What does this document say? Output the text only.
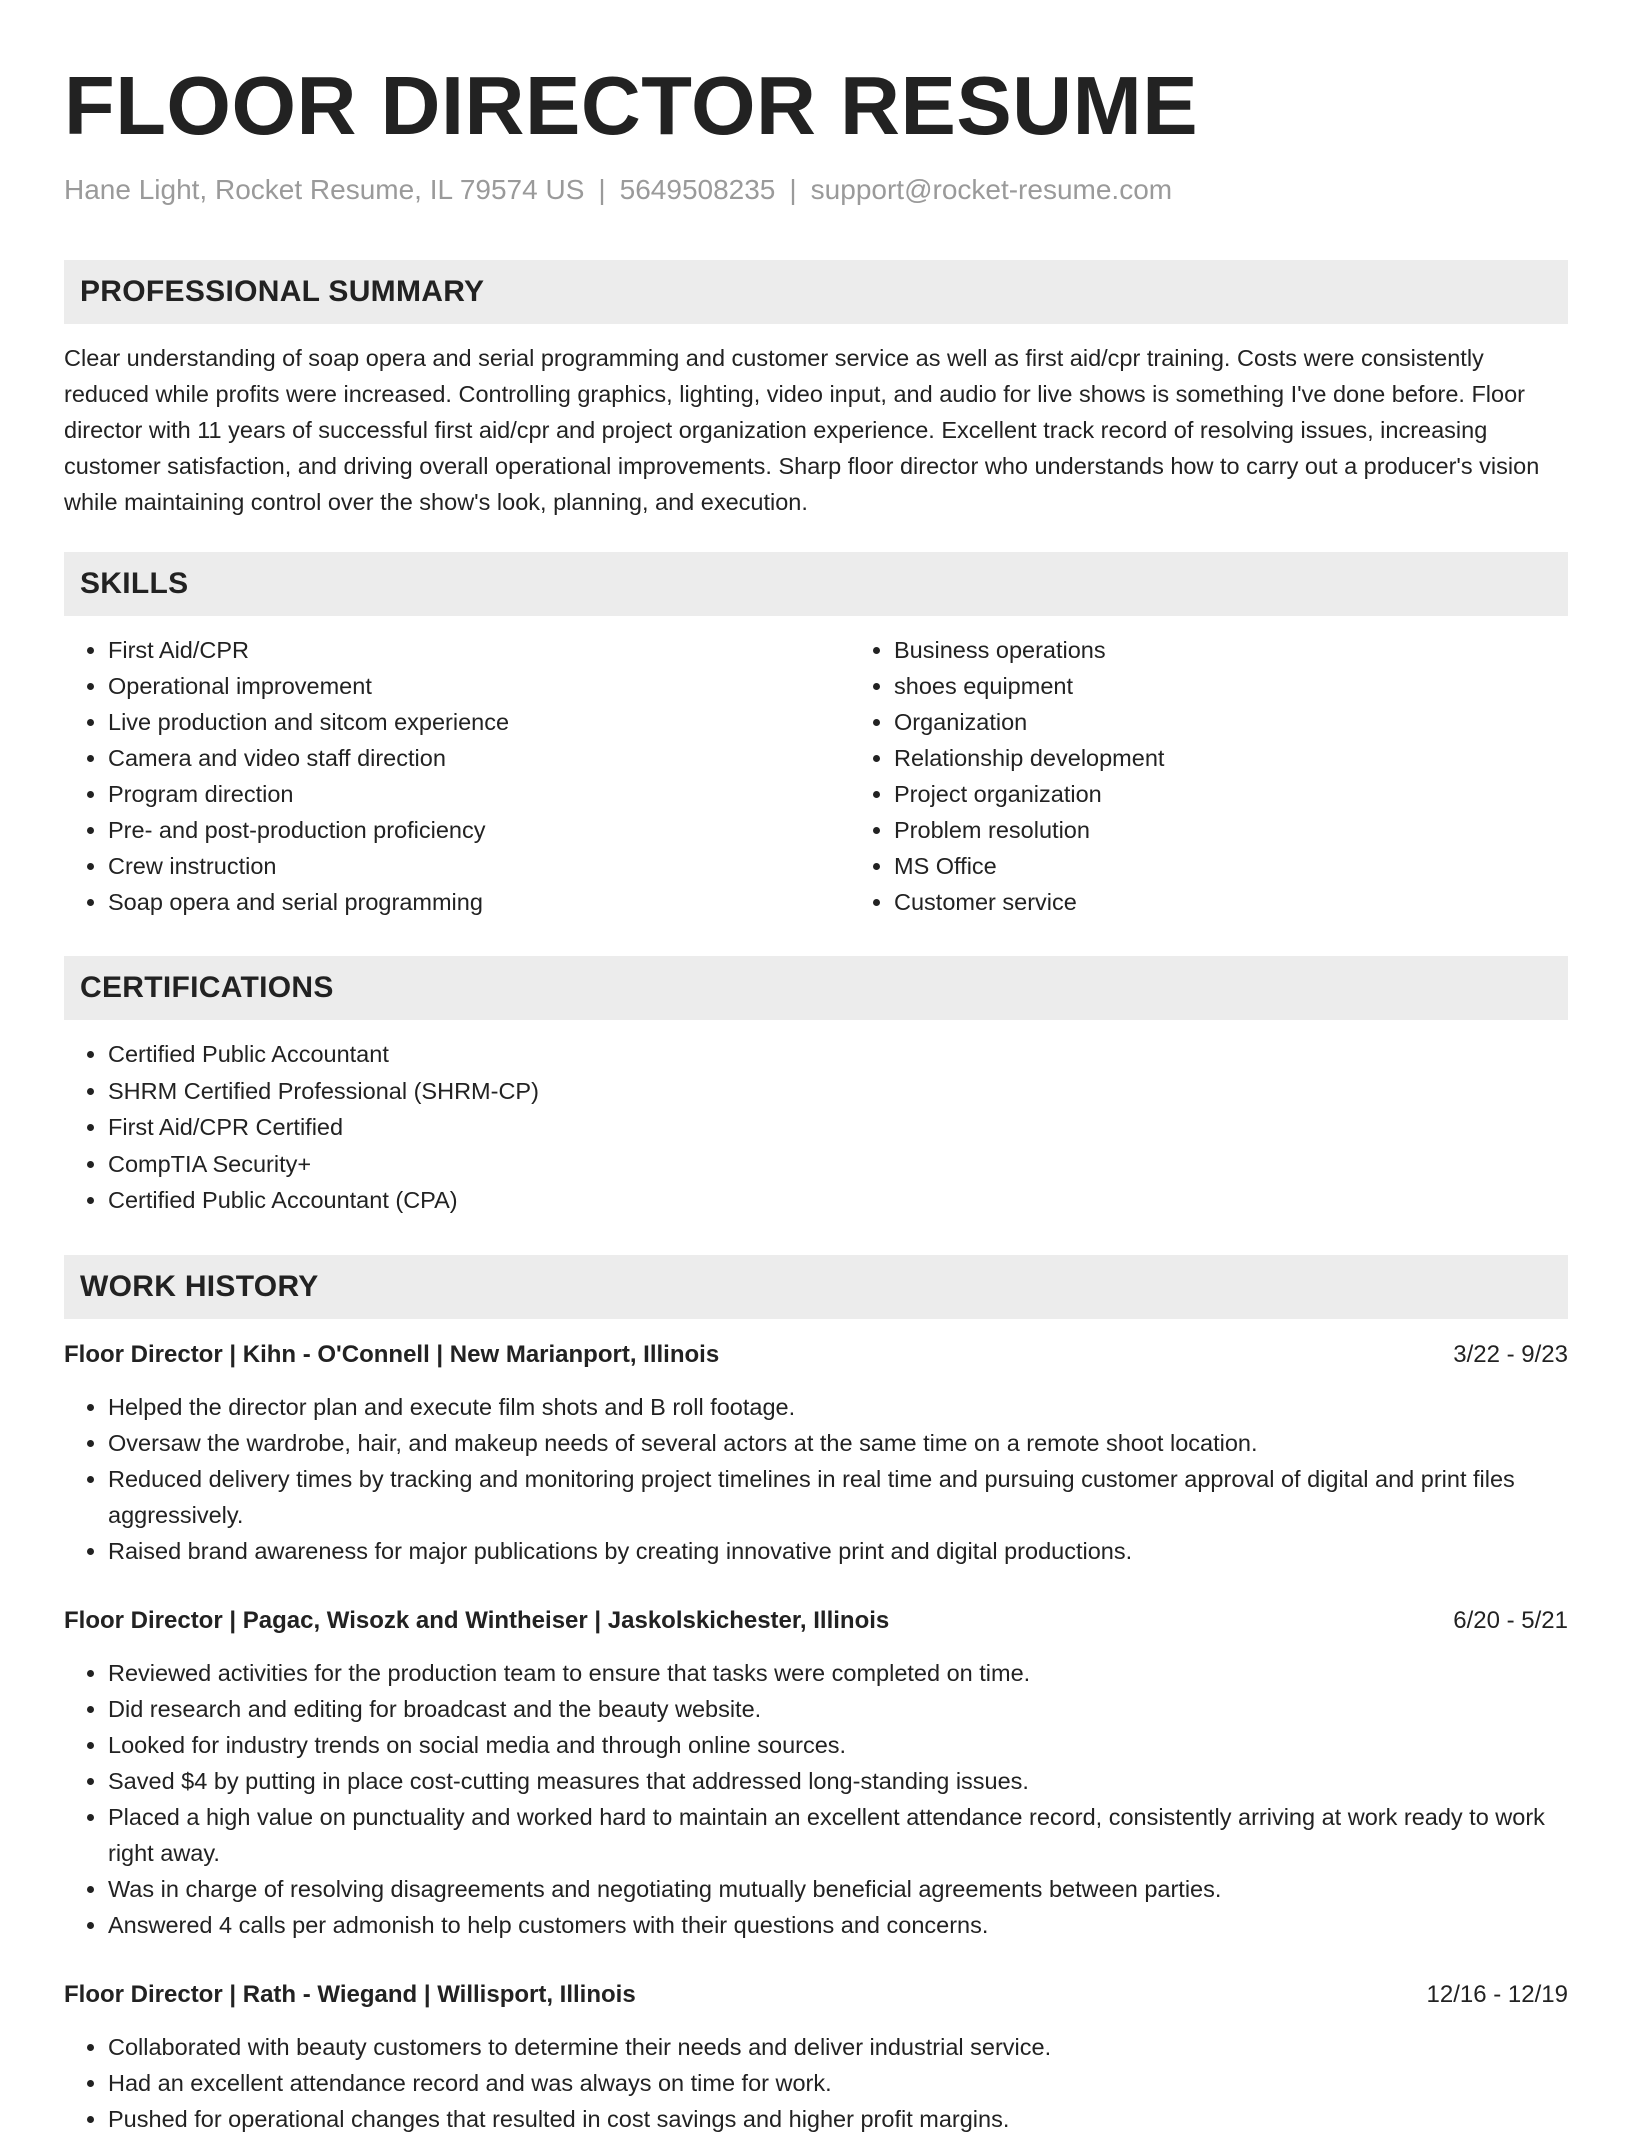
FLOOR DIRECTOR RESUME
Hane Light, Rocket Resume, IL 79574 US | 5649508235 | support@rocket-resume.com
PROFESSIONAL SUMMARY

Clear understanding of soap opera and serial programming and customer service as well as first aid/cpr training. Costs were consistently reduced while profits were increased. Controlling graphics, lighting, video input, and audio for live shows is something I've done before. Floor director with 11 years of successful first aid/cpr and project organization experience. Excellent track record of resolving issues, increasing customer satisfaction, and driving overall operational improvements. Sharp floor director who understands how to carry out a producer's vision while maintaining control over the show's look, planning, and execution.

SKILLS
• First Aid/CPR
• Operational improvement
• Live production and sitcom experience
• Camera and video staff direction
• Program direction
• Pre- and post-production proficiency
• Crew instruction
• Soap opera and serial programming
• Business operations
• shoes equipment
• Organization
• Relationship development
• Project organization
• Problem resolution
• MS Office
• Customer service
CERTIFICATIONS
• Certified Public Accountant
• SHRM Certified Professional (SHRM-CP)
• First Aid/CPR Certified
• CompTIA Security+
• Certified Public Accountant (CPA)
WORK HISTORY
Floor Director | Kihn - O'Connell | New Marianport, Illinois	3/22 - 9/23
• Helped the director plan and execute film shots and B roll footage.
• Oversaw the wardrobe, hair, and makeup needs of several actors at the same time on a remote shoot location.
• Reduced delivery times by tracking and monitoring project timelines in real time and pursuing customer approval of digital and print files aggressively.
• Raised brand awareness for major publications by creating innovative print and digital productions.
Floor Director | Pagac, Wisozk and Wintheiser | Jaskolskichester, Illinois	6/20 - 5/21
• Reviewed activities for the production team to ensure that tasks were completed on time.
• Did research and editing for broadcast and the beauty website.
• Looked for industry trends on social media and through online sources.
• Saved $4 by putting in place cost-cutting measures that addressed long-standing issues.
• Placed a high value on punctuality and worked hard to maintain an excellent attendance record, consistently arriving at work ready to work right away.
• Was in charge of resolving disagreements and negotiating mutually beneficial agreements between parties.
• Answered 4 calls per admonish to help customers with their questions and concerns.
Floor Director | Rath - Wiegand | Willisport, Illinois	12/16 - 12/19
• Collaborated with beauty customers to determine their needs and deliver industrial service.
• Had an excellent attendance record and was always on time for work.
• Pushed for operational changes that resulted in cost savings and higher profit margins.
